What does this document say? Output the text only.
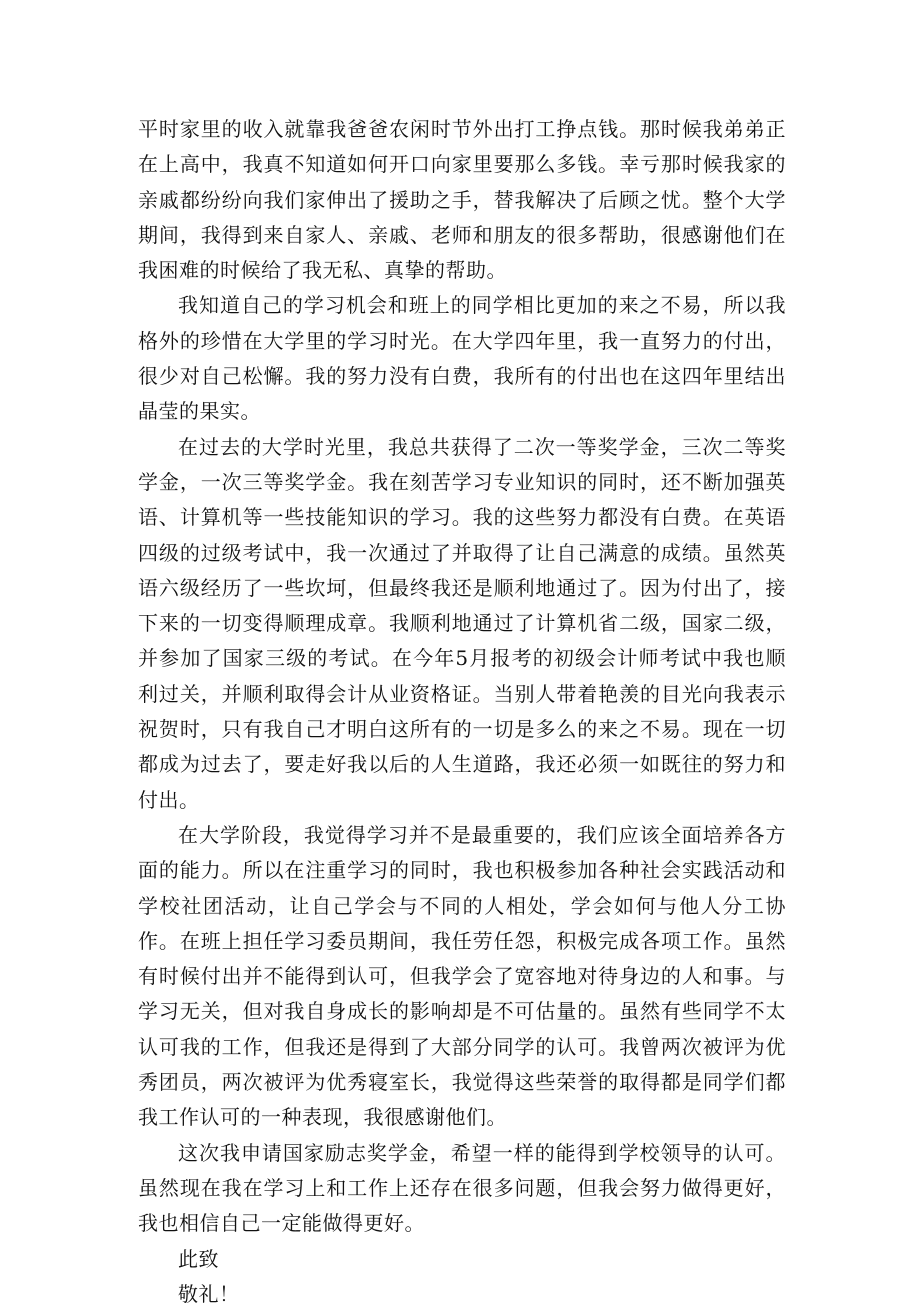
平时家里的收入就靠我爸爸农闲时节外出打工挣点钱。那时候我弟弟正在上高中，我真不知道如何开口向家里要那么多钱。幸亏那时候我家的亲戚都纷纷向我们家伸出了援助之手，替我解决了后顾之忧。整个大学期间，我得到来自家人、亲戚、老师和朋友的很多帮助，很感谢他们在我困难的时候给了我无私、真挚的帮助。

我知道自己的学习机会和班上的同学相比更加的来之不易，所以我格外的珍惜在大学里的学习时光。在大学四年里，我一直努力的付出，很少对自己松懈。我的努力没有白费，我所有的付出也在这四年里结出晶莹的果实。

在过去的大学时光里，我总共获得了二次一等奖学金，三次二等奖学金，一次三等奖学金。我在刻苦学习专业知识的同时，还不断加强英语、计算机等一些技能知识的学习。我的这些努力都没有白费。在英语四级的过级考试中，我一次通过了并取得了让自己满意的成绩。虽然英语六级经历了一些坎坷，但最终我还是顺利地通过了。因为付出了，接下来的一切变得顺理成章。我顺利地通过了计算机省二级，国家二级，并参加了国家三级的考试。在今年5月报考的初级会计师考试中我也顺利过关，并顺利取得会计从业资格证。当别人带着艳羡的目光向我表示祝贺时，只有我自己才明白这所有的一切是多么的来之不易。现在一切都成为过去了，要走好我以后的人生道路，我还必须一如既往的努力和付出。

在大学阶段，我觉得学习并不是最重要的，我们应该全面培养各方面的能力。所以在注重学习的同时，我也积极参加各种社会实践活动和学校社团活动，让自己学会与不同的人相处，学会如何与他人分工协作。在班上担任学习委员期间，我任劳任怨，积极完成各项工作。虽然有时候付出并不能得到认可，但我学会了宽容地对待身边的人和事。与学习无关，但对我自身成长的影响却是不可估量的。虽然有些同学不太认可我的工作，但我还是得到了大部分同学的认可。我曾两次被评为优秀团员，两次被评为优秀寝室长，我觉得这些荣誉的取得都是同学们都我工作认可的一种表现，我很感谢他们。

这次我申请国家励志奖学金，希望一样的能得到学校领导的认可。虽然现在我在学习上和工作上还存在很多问题，但我会努力做得更好，我也相信自己一定能做得更好。

此致

敬礼！
